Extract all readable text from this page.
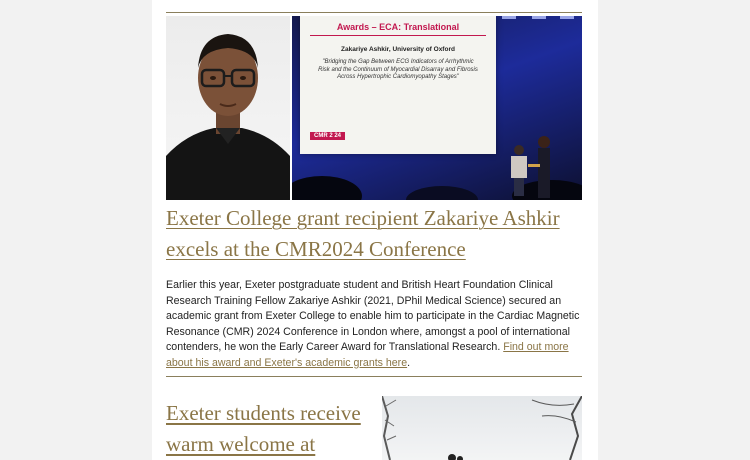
Awards – ECA: Translational
Zakariye Ashkir, University of Oxford
"Bridging the Gap Between ECG Indicators of Arrhythmic Risk and the Continuum of Myocardial Disarray and Fibrosis Across Hypertrophic Cardiomyopathy Stages"
CMR 2 24
Exeter College grant recipient Zakariye Ashkir excels at the CMR2024 Conference

Earlier this year, Exeter postgraduate student and British Heart Foundation Clinical Research Training Fellow Zakariye Ashkir (2021, DPhil Medical Science) secured an academic grant from Exeter College to enable him to participate in the Cardiac Magnetic Resonance (CMR) 2024 Conference in London where, amongst a pool of international contenders, he won the Early Career Award for Translational Research. Find out more about his award and Exeter's academic grants here.

Exeter students receive warm welcome at
